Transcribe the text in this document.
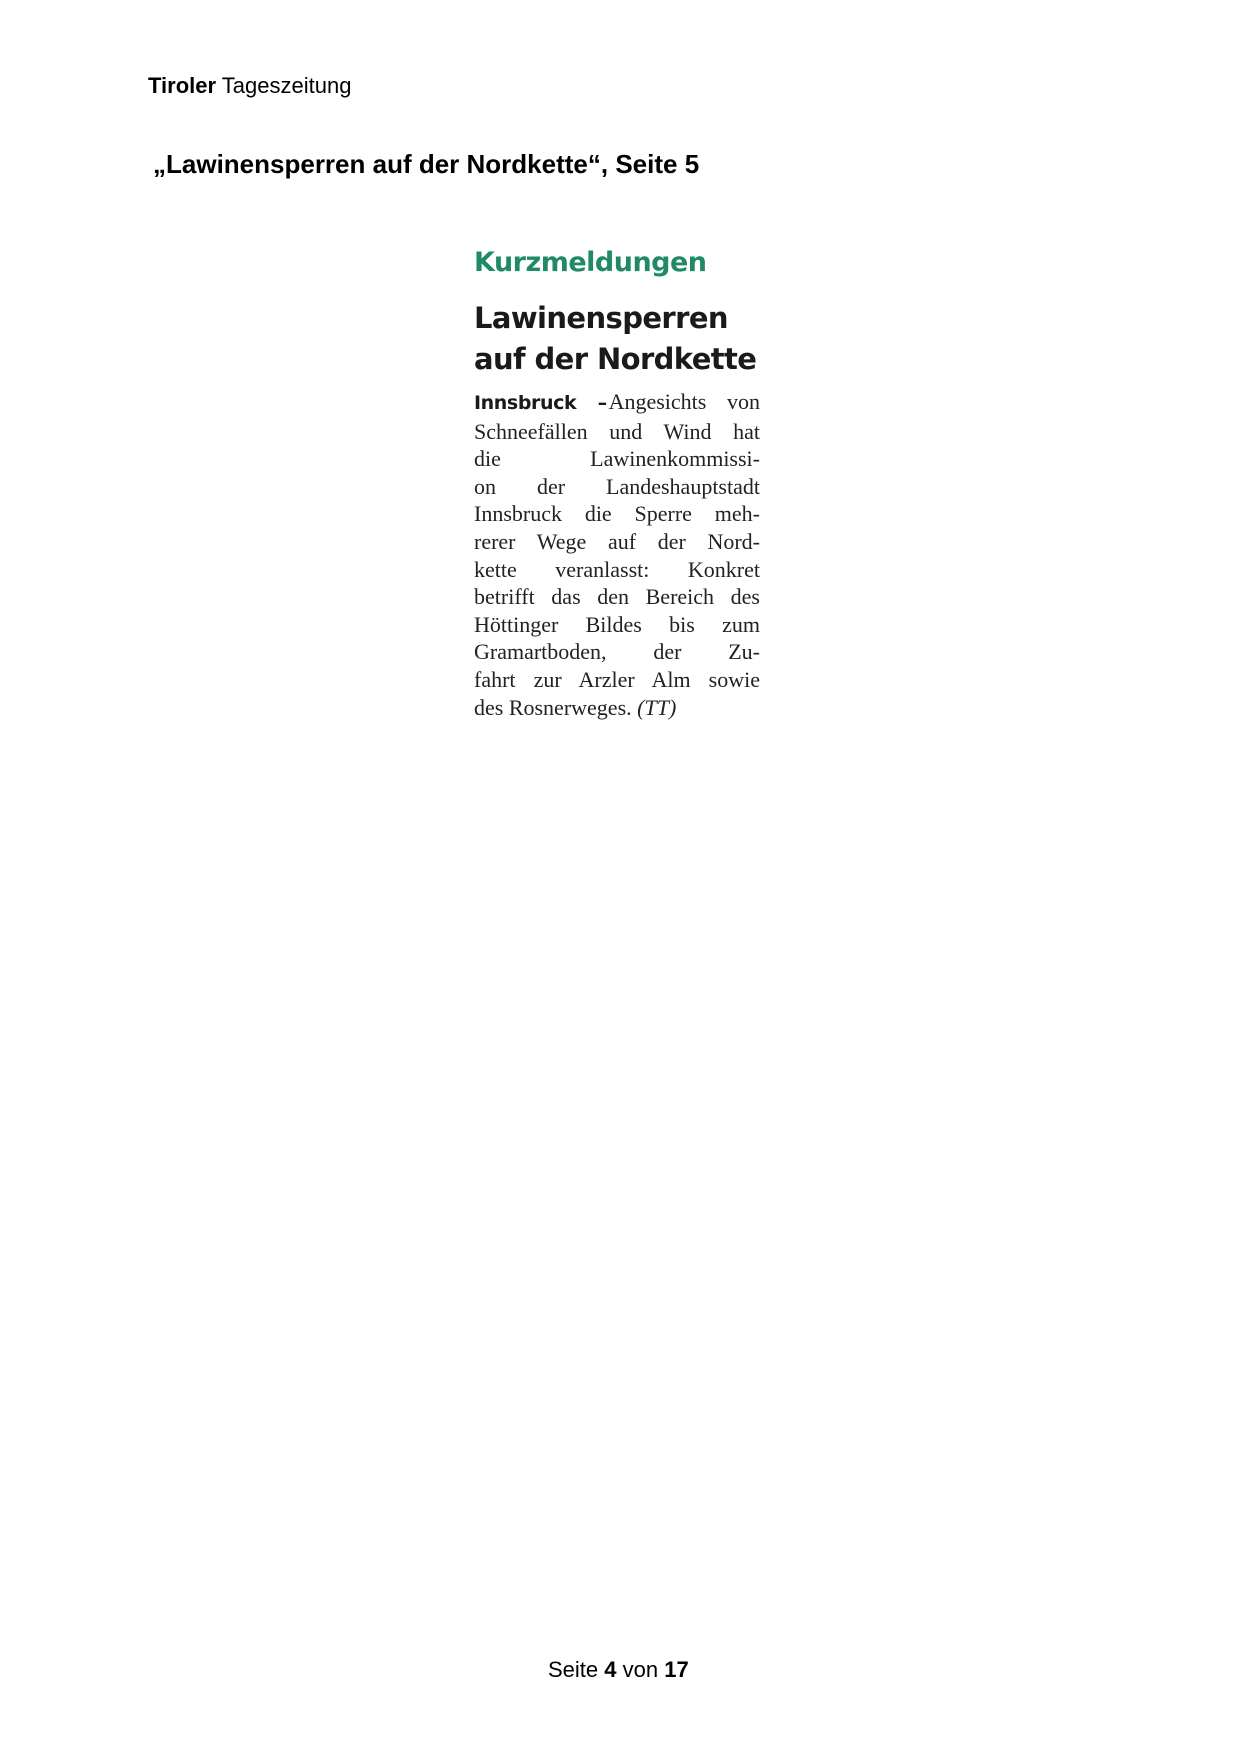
Tiroler Tageszeitung
„Lawinensperren auf der Nordkette“, Seite 5
Kurzmeldungen
Lawinensperren
auf der Nordkette
Innsbruck – Angesichts von
Schneefällen und Wind hat
die Lawinenkommissi-
on der Landeshauptstadt
Innsbruck die Sperre meh-
rerer Wege auf der Nord-
kette veranlasst: Konkret
betrifft das den Bereich des
Höttinger Bildes bis zum
Gramartboden, der Zu-
fahrt zur Arzler Alm sowie
des Rosnerweges. (TT)
Seite 4 von 17
